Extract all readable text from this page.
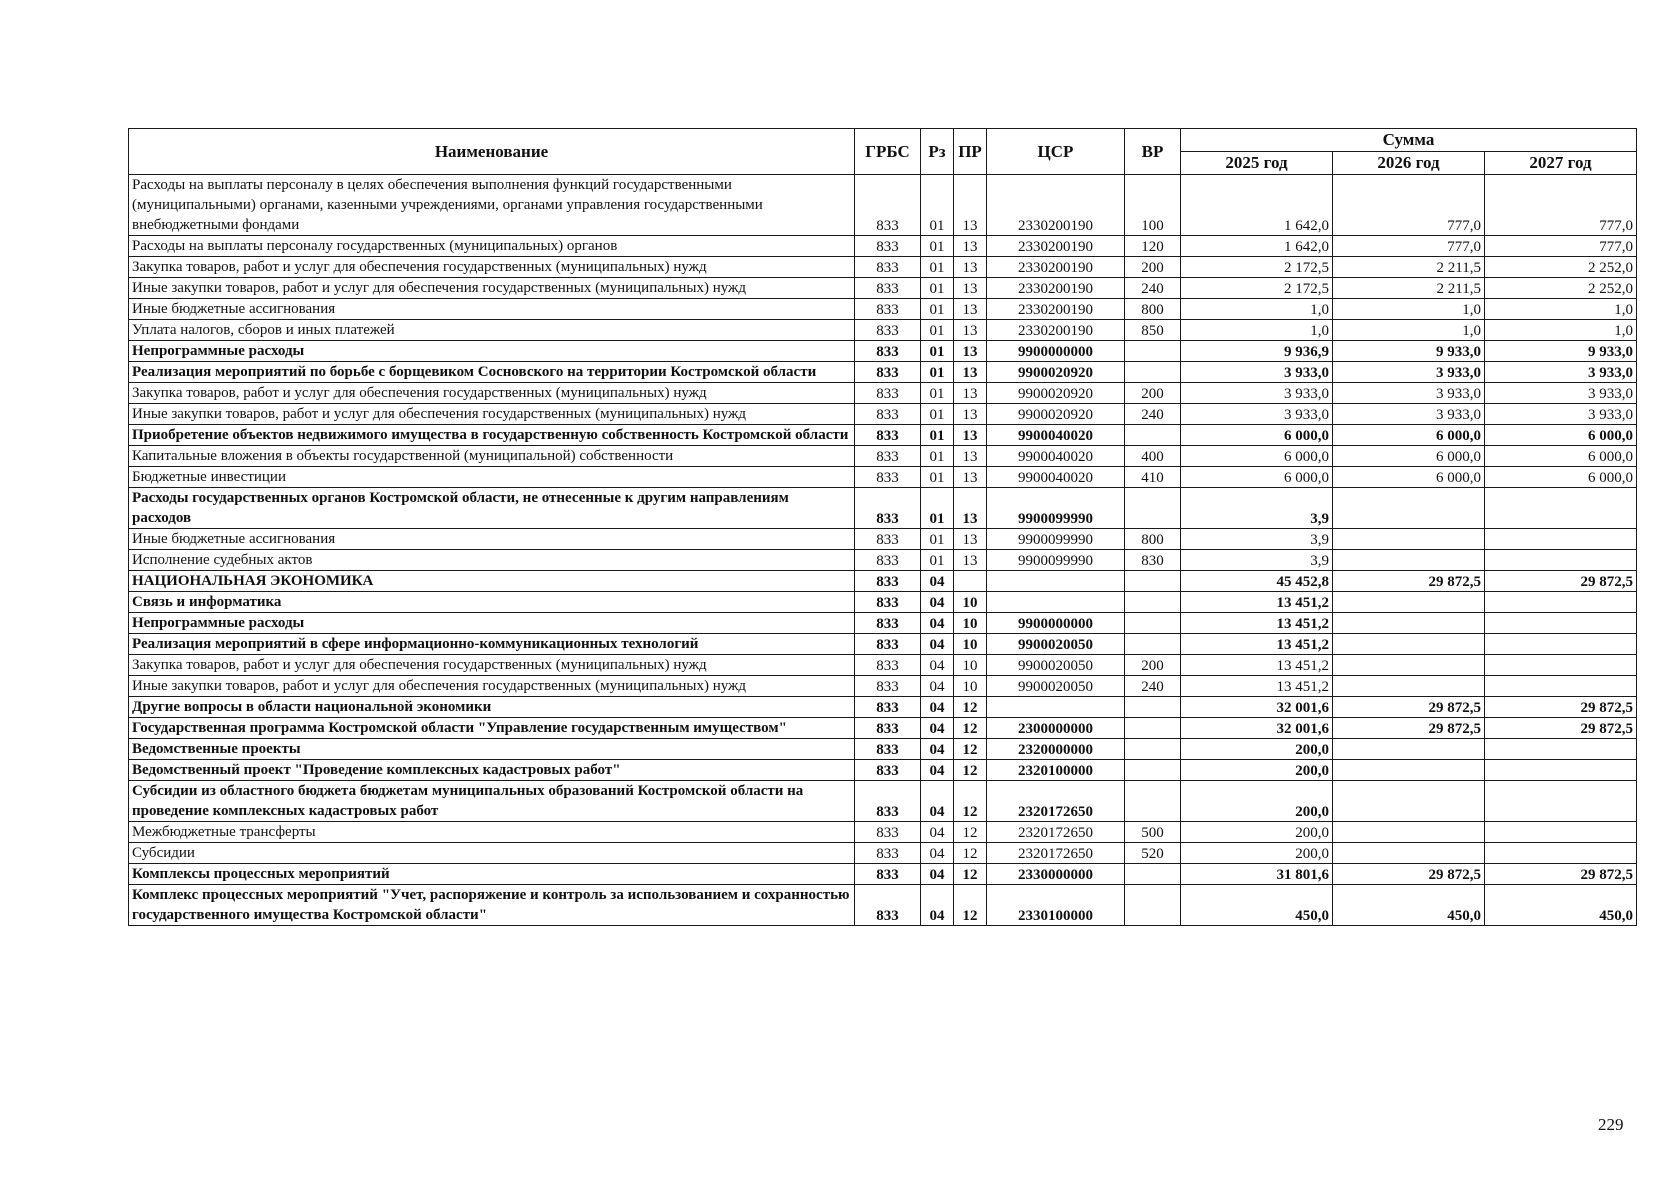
Наименование	ГРБС	Рз	ПР	ЦСР	ВР	Сумма		
						2025 год	2026 год	2027 год
Расходы на выплаты персоналу в целях обеспечения выполнения функций государственными (муниципальными) органами, казенными учреждениями, органами управления государственными внебюджетными фондами	833	01	13	2330200190	100	1 642,0	777,0	777,0
Расходы на выплаты персоналу государственных (муниципальных) органов	833	01	13	2330200190	120	1 642,0	777,0	777,0
Закупка товаров, работ и услуг для обеспечения государственных (муниципальных) нужд	833	01	13	2330200190	200	2 172,5	2 211,5	2 252,0
Иные закупки товаров, работ и услуг для обеспечения государственных (муниципальных) нужд	833	01	13	2330200190	240	2 172,5	2 211,5	2 252,0
Иные бюджетные ассигнования	833	01	13	2330200190	800	1,0	1,0	1,0
Уплата налогов, сборов и иных платежей	833	01	13	2330200190	850	1,0	1,0	1,0
Непрограммные расходы	833	01	13	9900000000		9 936,9	9 933,0	9 933,0
Реализация мероприятий по борьбе с борщевиком Сосновского на территории Костромской области	833	01	13	9900020920		3 933,0	3 933,0	3 933,0
Закупка товаров, работ и услуг для обеспечения государственных (муниципальных) нужд	833	01	13	9900020920	200	3 933,0	3 933,0	3 933,0
Иные закупки товаров, работ и услуг для обеспечения государственных (муниципальных) нужд	833	01	13	9900020920	240	3 933,0	3 933,0	3 933,0
Приобретение объектов недвижимого имущества в государственную собственность Костромской области	833	01	13	9900040020		6 000,0	6 000,0	6 000,0
Капитальные вложения в объекты государственной (муниципальной) собственности	833	01	13	9900040020	400	6 000,0	6 000,0	6 000,0
Бюджетные инвестиции	833	01	13	9900040020	410	6 000,0	6 000,0	6 000,0
Расходы государственных органов Костромской области, не отнесенные к другим направлениям расходов	833	01	13	9900099990		3,9		
Иные бюджетные ассигнования	833	01	13	9900099990	800	3,9		
Исполнение судебных актов	833	01	13	9900099990	830	3,9		
НАЦИОНАЛЬНАЯ ЭКОНОМИКА	833	04				45 452,8	29 872,5	29 872,5
Связь и информатика	833	04	10			13 451,2		
Непрограммные расходы	833	04	10	9900000000		13 451,2		
Реализация мероприятий в сфере информационно-коммуникационных технологий	833	04	10	9900020050		13 451,2		
Закупка товаров, работ и услуг для обеспечения государственных (муниципальных) нужд	833	04	10	9900020050	200	13 451,2		
Иные закупки товаров, работ и услуг для обеспечения государственных (муниципальных) нужд	833	04	10	9900020050	240	13 451,2		
Другие вопросы в области национальной экономики	833	04	12			32 001,6	29 872,5	29 872,5
Государственная программа Костромской области "Управление государственным имуществом"	833	04	12	2300000000		32 001,6	29 872,5	29 872,5
Ведомственные проекты	833	04	12	2320000000		200,0		
Ведомственный проект "Проведение комплексных кадастровых работ"	833	04	12	2320100000		200,0		
Субсидии из областного бюджета бюджетам муниципальных образований Костромской области на проведение комплексных кадастровых работ	833	04	12	2320172650		200,0		
Межбюджетные трансферты	833	04	12	2320172650	500	200,0		
Субсидии	833	04	12	2320172650	520	200,0		
Комплексы процессных мероприятий	833	04	12	2330000000		31 801,6	29 872,5	29 872,5
Комплекс процессных мероприятий "Учет, распоряжение и контроль за использованием и сохранностью государственного имущества Костромской области"	833	04	12	2330100000		450,0	450,0	450,0
229
